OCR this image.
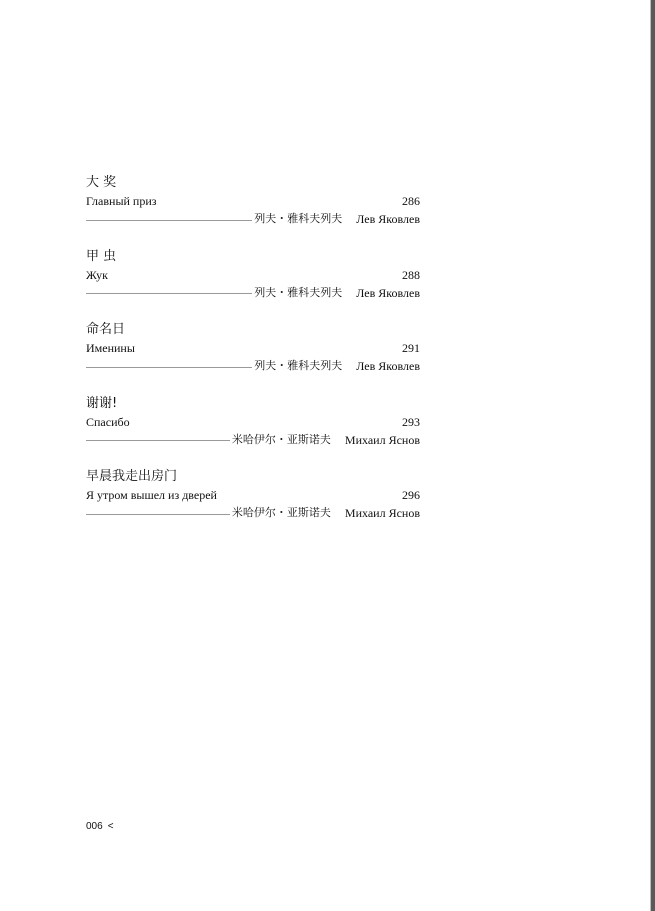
大 奖
Главный приз	286
列夫・雅科夫列夫 Лев Яковлев
甲 虫
Жук	288
列夫・雅科夫列夫 Лев Яковлев
命名日
Именины	291
列夫・雅科夫列夫 Лев Яковлев
谢谢!
Спасибо	293
米哈伊尔・亚斯诺夫 Михаил Яснов
早晨我走出房门
Я утром вышел из дверей	296
米哈伊尔・亚斯诺夫 Михаил Яснов
006 <
